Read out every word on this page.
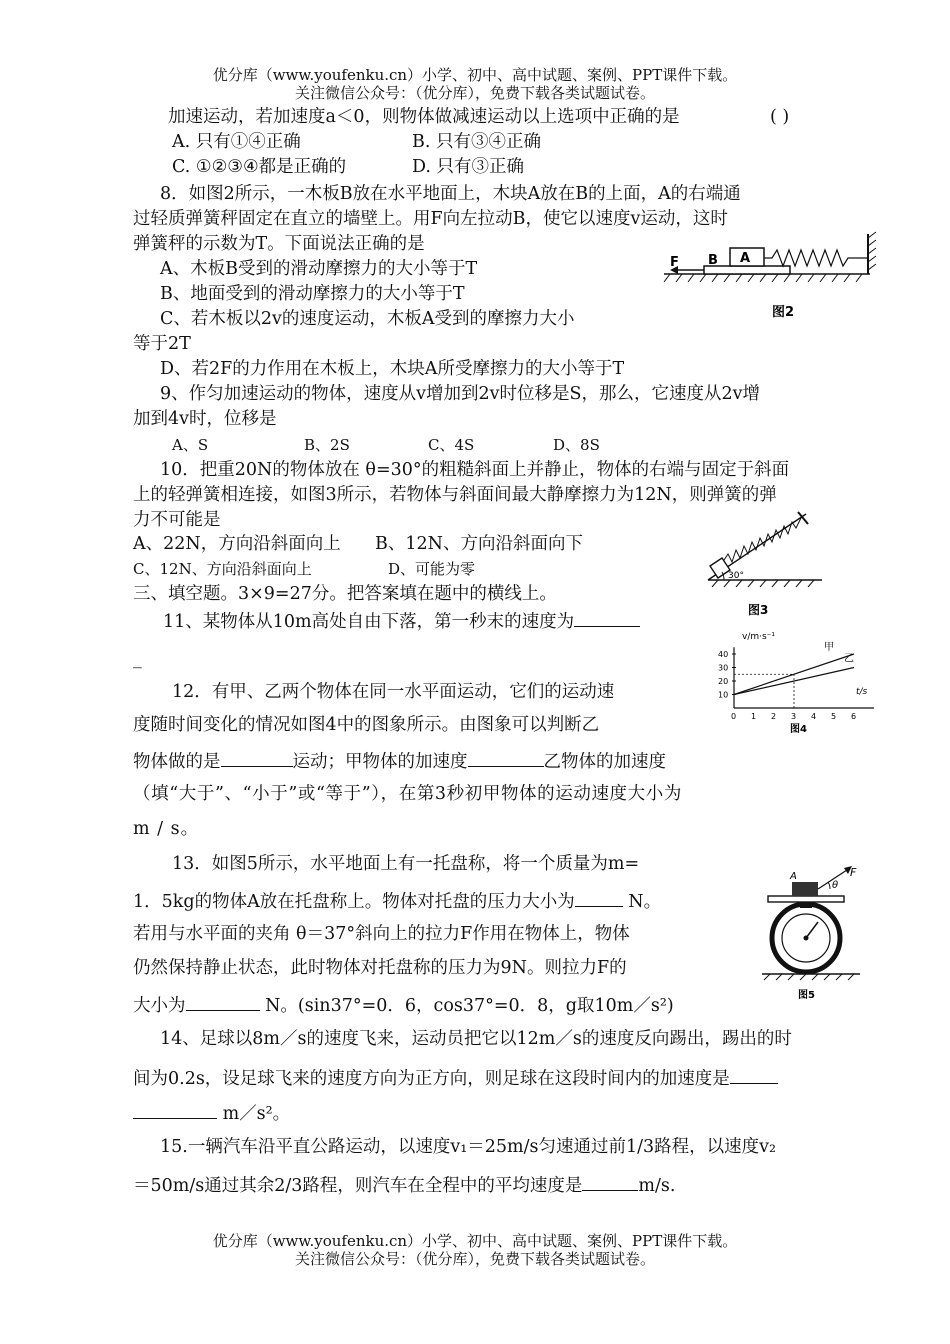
优分库（www.youfenku.cn）小学、初中、高中试题、案例、PPT课件下载。
关注微信公众号：（优分库），免费下载各类试题试卷。
加速运动，若加速度a＜0，则物体做减速运动以上选项中正确的是	( )
A. 只有①④正确	B. 只有③④正确
C. ①②③④都是正确的	D. 只有③正确
8．如图2所示，一木板B放在水平地面上，木块A放在B的上面，A的右端通
过轻质弹簧秤固定在直立的墙壁上。用F向左拉动B，使它以速度v运动，这时
弹簧秤的示数为T。下面说法正确的是
A、木板B受到的滑动摩擦力的大小等于T
B、地面受到的滑动摩擦力的大小等于T
C、若木板以2v的速度运动，木板A受到的摩擦力大小
等于2T
D、若2F的力作用在木板上，木块A所受摩擦力的大小等于T
A
B
F
图2
9、作匀加速运动的物体，速度从v增加到2v时位移是S，那么，它速度从2v增
加到4v时，位移是
A、S	B、2S	C、4S	D、8S
10．把重20N的物体放在 θ=30°的粗糙斜面上并静止，物体的右端与固定于斜面
上的轻弹簧相连接，如图3所示，若物体与斜面间最大静摩擦力为12N，则弹簧的弹
力不可能是
A、22N，方向沿斜面向上 B、12N、方向沿斜面向下
C、12N、方向沿斜面向上	D、可能为零	30°
图3
三、填空题。3×9=27分。把答案填在题中的横线上。
11、某物体从10m高处自由下落，第一秒末的速度为
_
12．有甲、乙两个物体在同一水平面运动，它们的运动速
度随时间变化的情况如图4中的图象所示。由图象可以判断乙
物体做的是	运动；甲物体的加速度	乙物体的加速度
（填“大于”、“小于”或“等于”），在第3秒初甲物体的运动速度大小为
m / s。
v/m·s⁻¹
t/s
图4
0 1 2 3 4 5 6
10
20
30
40
甲
乙
13．如图5所示，水平地面上有一托盘称，将一个质量为m=
1．5kg的物体A放在托盘称上。物体对托盘的压力大小为	N。
若用与水平面的夹角 θ＝37°斜向上的拉力F作用在物体上，物体
仍然保持静止状态，此时物体对托盘称的压力为9N。则拉力F的
大小为	N。(sin37°=0．6，cos37°=0．8，g取10m／s²)
A
θ
F
图5
14、足球以8m／s的速度飞来，运动员把它以12m／s的速度反向踢出，踢出的时
间为0.2s，设足球飞来的速度方向为正方向，则足球在这段时间内的加速度是
m／s²。
15.一辆汽车沿平直公路运动，以速度v₁＝25m/s匀速通过前1/3路程，以速度v₂
＝50m/s通过其余2/3路程，则汽车在全程中的平均速度是	m/s.
优分库（www.youfenku.cn）小学、初中、高中试题、案例、PPT课件下载。
关注微信公众号：（优分库），免费下载各类试题试卷。
